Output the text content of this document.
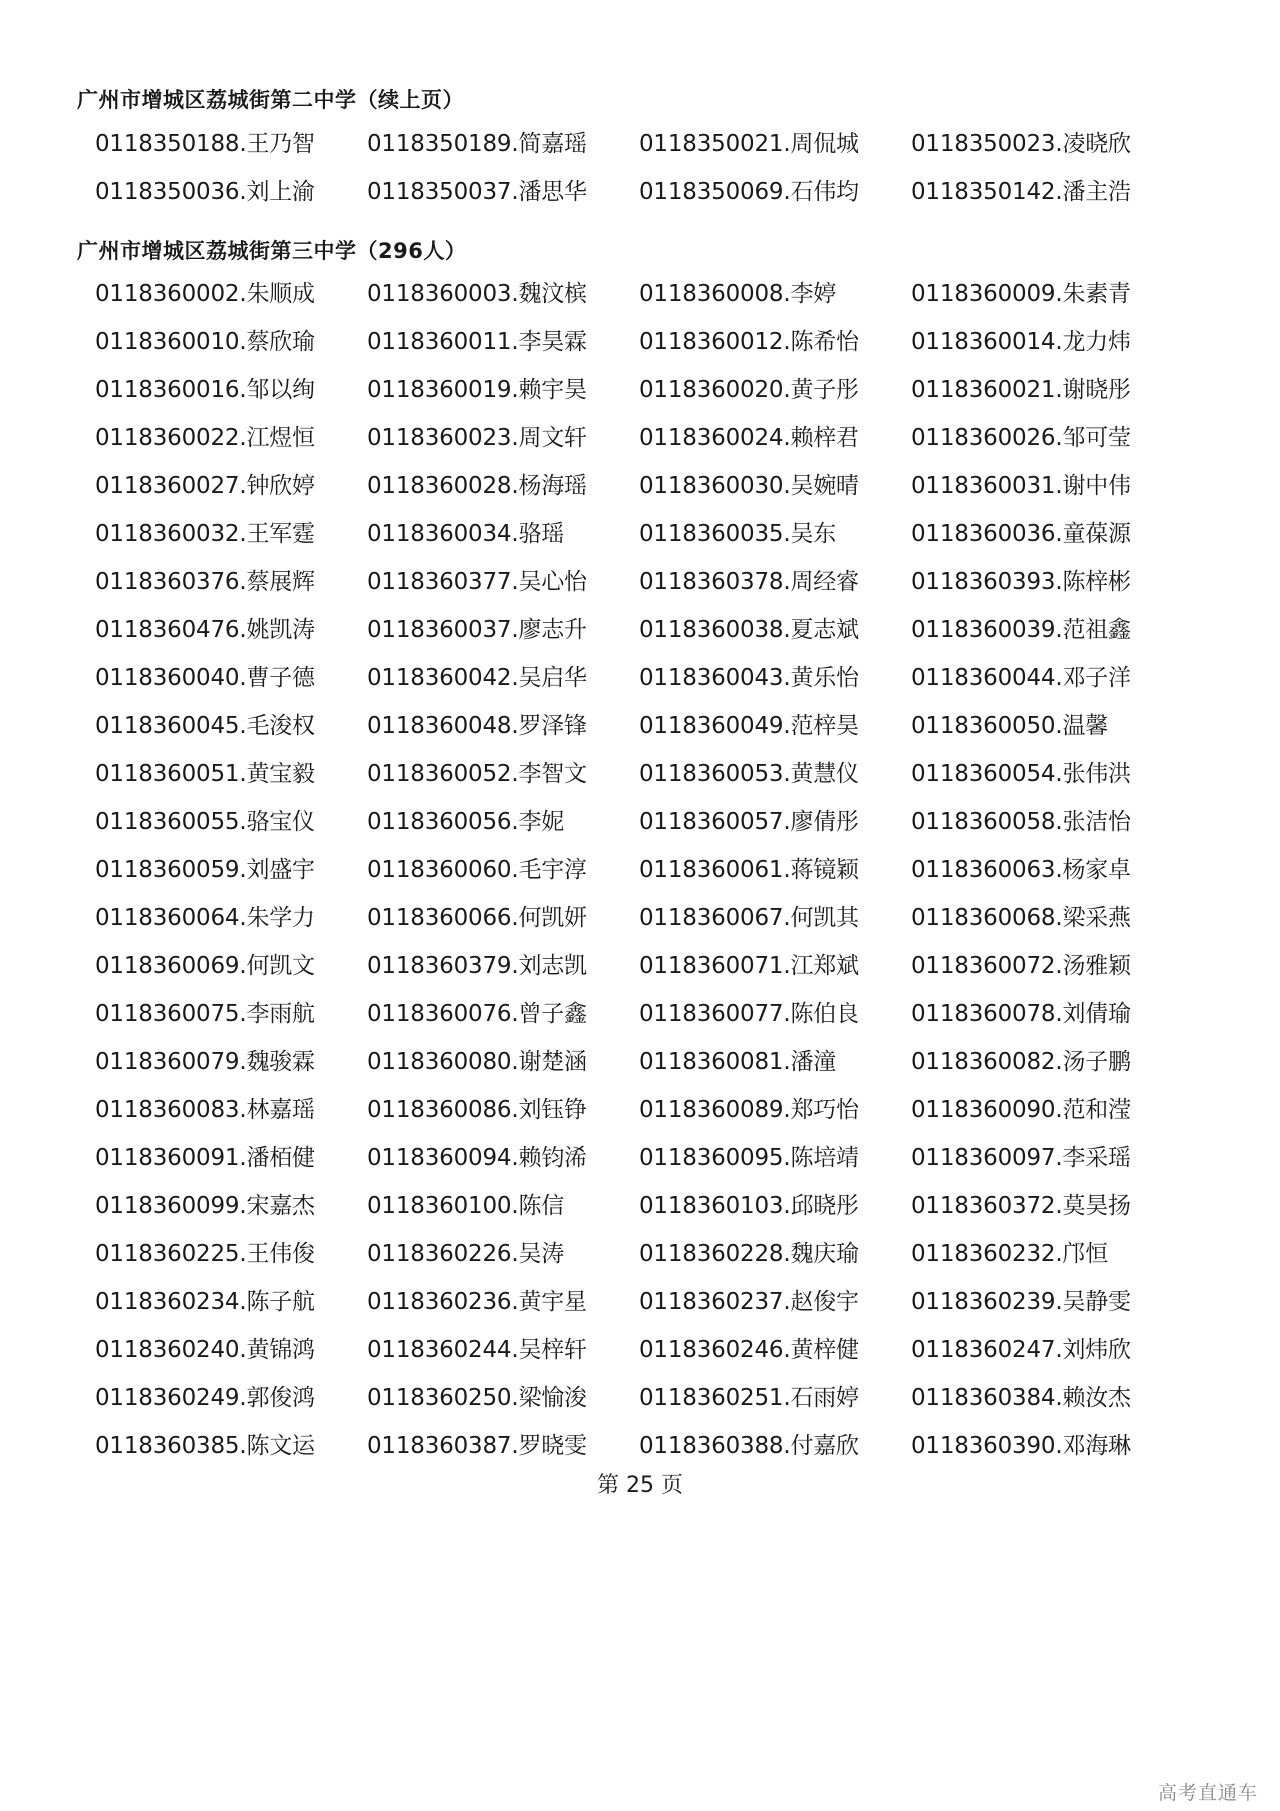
广州市增城区荔城街第二中学（续上页）
0118350188.王乃智	0118350189.简嘉瑶	0118350021.周侃城	0118350023.凌晓欣
0118350036.刘上渝	0118350037.潘思华	0118350069.石伟均	0118350142.潘主浩
广州市增城区荔城街第三中学（296人）
0118360002.朱顺成	0118360003.魏汶槟	0118360008.李婷	0118360009.朱素青
0118360010.蔡欣瑜	0118360011.李昊霖	0118360012.陈希怡	0118360014.龙力炜
0118360016.邹以绚	0118360019.赖宇昊	0118360020.黄子彤	0118360021.谢晓彤
0118360022.江煜恒	0118360023.周文轩	0118360024.赖梓君	0118360026.邹可莹
0118360027.钟欣婷	0118360028.杨海瑶	0118360030.吴婉晴	0118360031.谢中伟
0118360032.王军霆	0118360034.骆瑶	0118360035.吴东	0118360036.童葆源
0118360376.蔡展辉	0118360377.吴心怡	0118360378.周经睿	0118360393.陈梓彬
0118360476.姚凯涛	0118360037.廖志升	0118360038.夏志斌	0118360039.范祖鑫
0118360040.曹子德	0118360042.吴启华	0118360043.黄乐怡	0118360044.邓子洋
0118360045.毛浚权	0118360048.罗泽锋	0118360049.范梓昊	0118360050.温馨
0118360051.黄宝毅	0118360052.李智文	0118360053.黄慧仪	0118360054.张伟洪
0118360055.骆宝仪	0118360056.李妮	0118360057.廖倩彤	0118360058.张洁怡
0118360059.刘盛宇	0118360060.毛宇淳	0118360061.蒋镜颖	0118360063.杨家卓
0118360064.朱学力	0118360066.何凯妍	0118360067.何凯其	0118360068.梁采燕
0118360069.何凯文	0118360379.刘志凯	0118360071.江郑斌	0118360072.汤雅颖
0118360075.李雨航	0118360076.曾子鑫	0118360077.陈伯良	0118360078.刘倩瑜
0118360079.魏骏霖	0118360080.谢楚涵	0118360081.潘潼	0118360082.汤子鹏
0118360083.林嘉瑶	0118360086.刘钰铮	0118360089.郑巧怡	0118360090.范和滢
0118360091.潘栢健	0118360094.赖钧浠	0118360095.陈培靖	0118360097.李采瑶
0118360099.宋嘉杰	0118360100.陈信	0118360103.邱晓彤	0118360372.莫昊扬
0118360225.王伟俊	0118360226.吴涛	0118360228.魏庆瑜	0118360232.邝恒
0118360234.陈子航	0118360236.黄宇星	0118360237.赵俊宇	0118360239.吴静雯
0118360240.黄锦鸿	0118360244.吴梓轩	0118360246.黄梓健	0118360247.刘炜欣
0118360249.郭俊鸿	0118360250.梁愉浚	0118360251.石雨婷	0118360384.赖汝杰
0118360385.陈文运	0118360387.罗晓雯	0118360388.付嘉欣	0118360390.邓海琳
第 25 页
高考直通车
